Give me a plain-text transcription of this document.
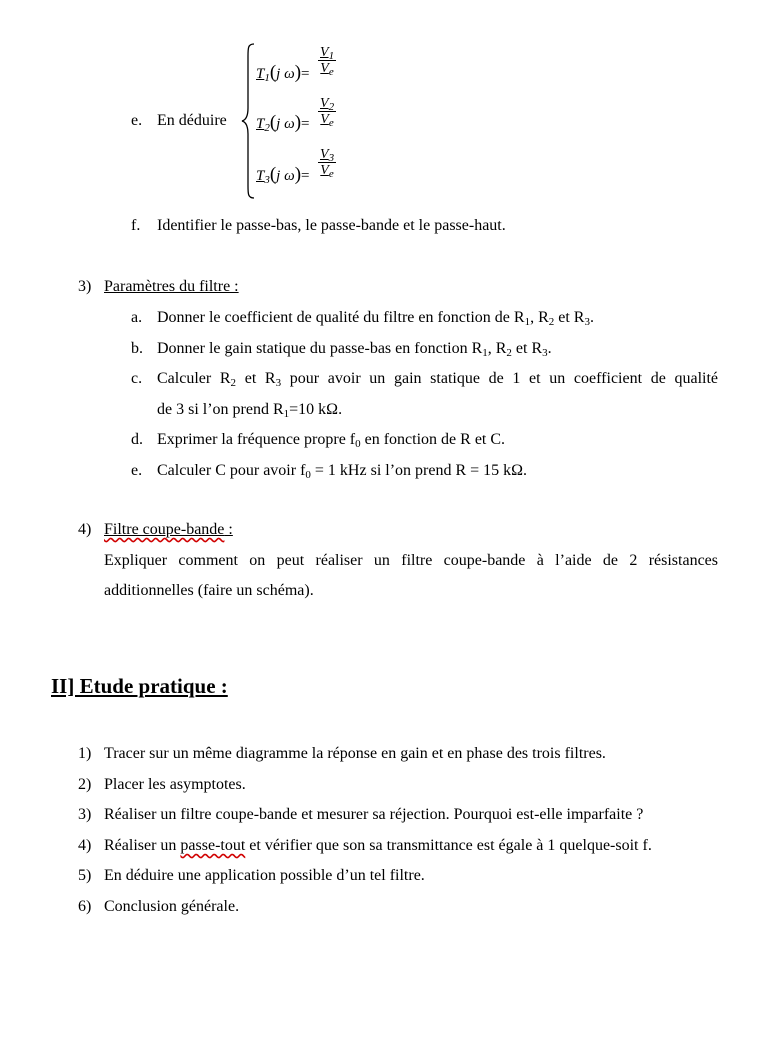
e. En déduire
$T_1(j$ $\omega)= \frac{V_1}{V_e}$
$T_2(j$ $\omega)= \frac{V_2}{V_e}$
$T_3(j$ $\omega)= \frac{V_3}{V_e}$
f. Identifier le passe-bas, le passe-bande et le passe-haut.
3) Paramètres du filtre :
a. Donner le coefficient de qualité du filtre en fonction de $R_1$, $R_2$ et $R_3$.
b. Donner le gain statique du passe-bas en fonction $R_1$, $R_2$ et $R_3$.
c. Calculer $R_2$ et $R_3$ pour avoir un gain statique de 1 et un coefficient de qualité
de 3 si l’on prend $R_1=10$ kΩ.
d. Exprimer la fréquence propre $f_0$ en fonction de R et C.
e. Calculer C pour avoir $f_0 = 1$ kHz si l’on prend R = 15 kΩ.
4) Filtre coupe-bande :
Expliquer comment on peut réaliser un filtre coupe-bande à l’aide de 2 résistances
additionnelles (faire un schéma).
II] Etude pratique :
1) Tracer sur un même diagramme la réponse en gain et en phase des trois filtres.
2) Placer les asymptotes.
3) Réaliser un filtre coupe-bande et mesurer sa réjection. Pourquoi est-elle imparfaite ?
4) Réaliser un passe-tout et vérifier que son sa transmittance est égale à 1 quelque-soit f.
5) En déduire une application possible d’un tel filtre.
6) Conclusion générale.
